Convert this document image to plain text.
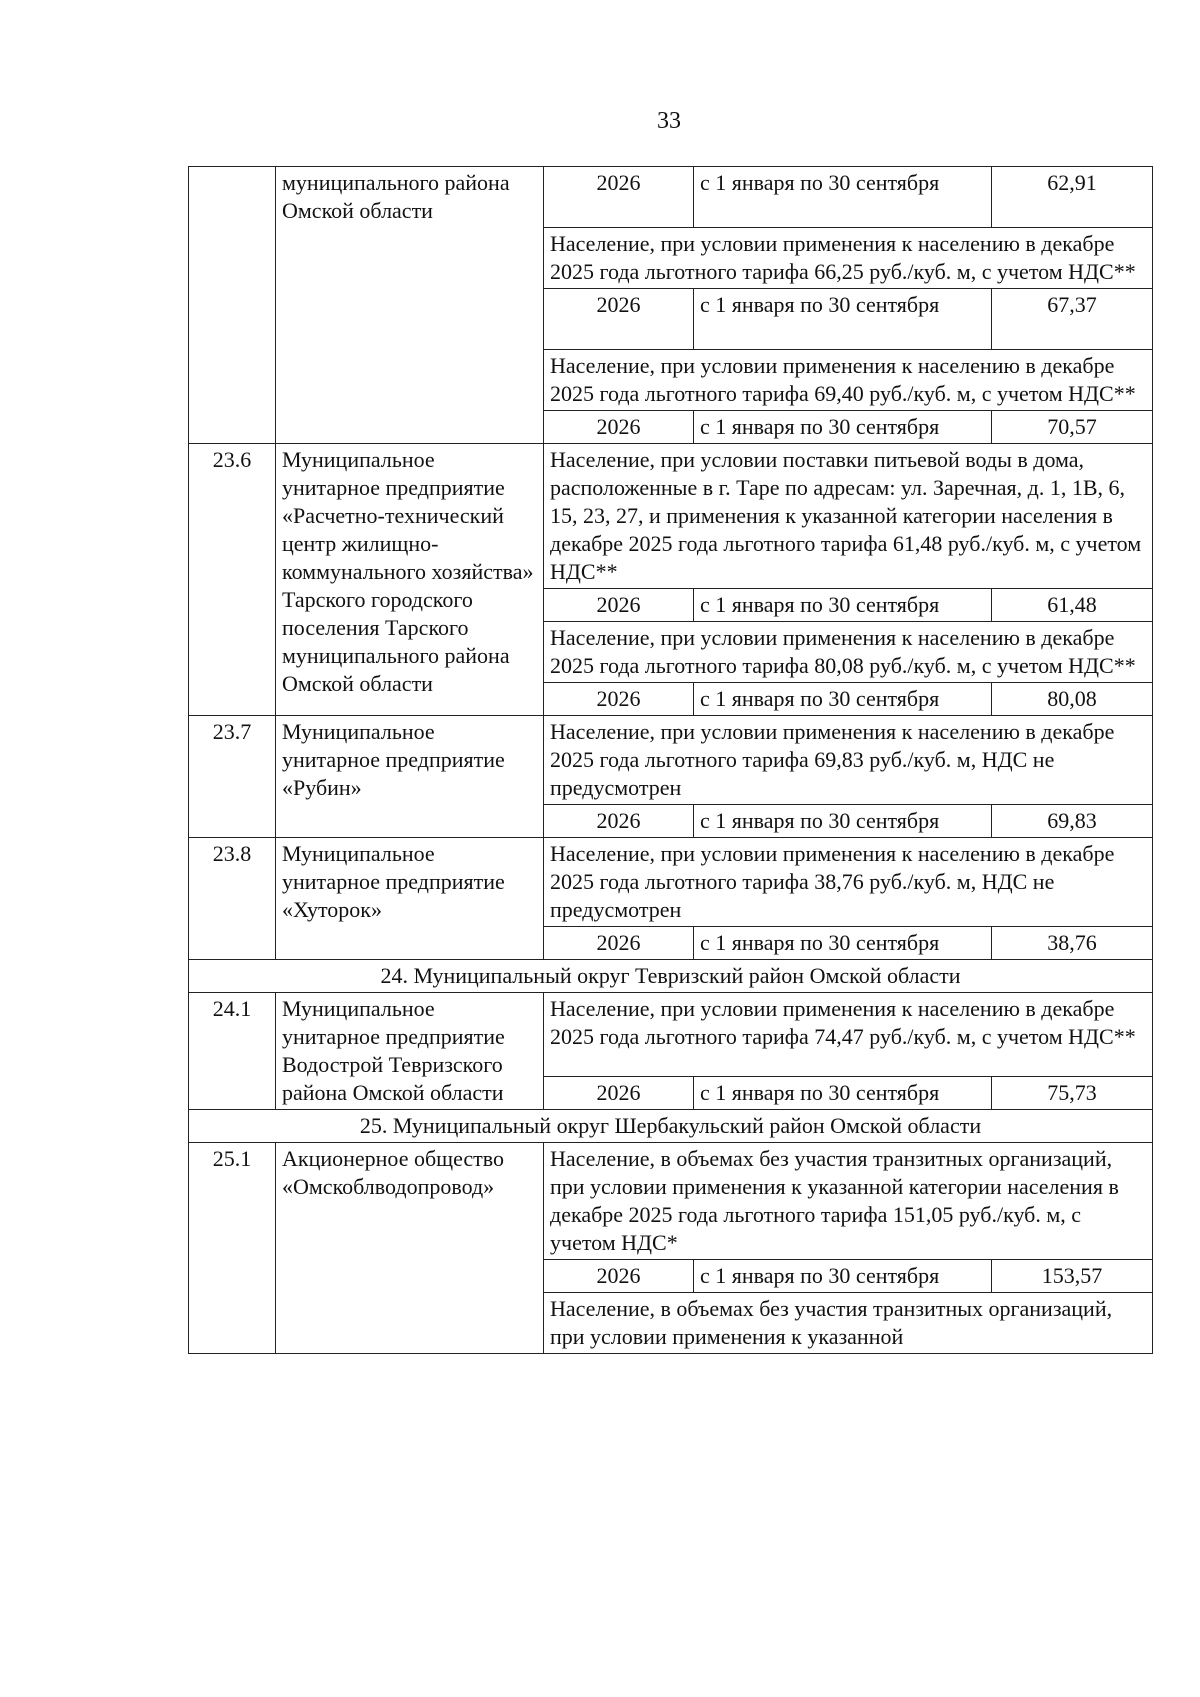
33
	муниципального района Омской области	2026	с 1 января по 30 сентября	62,91
		Население, при условии применения к населению в декабре 2025 года льготного тарифа 66,25 руб./куб. м, с учетом НДС**		
		2026	с 1 января по 30 сентября	67,37
		Население, при условии применения к населению в декабре 2025 года льготного тарифа 69,40 руб./куб. м, с учетом НДС**		
		2026	с 1 января по 30 сентября	70,57
23.6	Муниципальное унитарное предприятие «Расчетно-технический центр жилищно-коммунального хозяйства» Тарского городского поселения Тарского муниципального района Омской области	Население, при условии поставки питьевой воды в дома, расположенные в г. Таре по адресам: ул. Заречная, д. 1, 1В, 6, 15, 23, 27, и применения к указанной категории населения в декабре 2025 года льготного тарифа 61,48 руб./куб. м, с учетом НДС**		
		2026	с 1 января по 30 сентября	61,48
		Население, при условии применения к населению в декабре 2025 года льготного тарифа 80,08 руб./куб. м, с учетом НДС**		
		2026	с 1 января по 30 сентября	80,08
23.7	Муниципальное унитарное предприятие «Рубин»	Население, при условии применения к населению в декабре 2025 года льготного тарифа 69,83 руб./куб. м, НДС не предусмотрен		
		2026	с 1 января по 30 сентября	69,83
23.8	Муниципальное унитарное предприятие «Хуторок»	Население, при условии применения к населению в декабре 2025 года льготного тарифа 38,76 руб./куб. м, НДС не предусмотрен		
		2026	с 1 января по 30 сентября	38,76
24. Муниципальный округ Тевризский район Омской области				
24.1	Муниципальное унитарное предприятие Водострой Тевризского района Омской области	Население, при условии применения к населению в декабре 2025 года льготного тарифа 74,47 руб./куб. м, с учетом НДС**		
		2026	с 1 января по 30 сентября	75,73
25. Муниципальный округ Шербакульский район Омской области				
25.1	Акционерное общество «Омскоблводопровод»	Население, в объемах без участия транзитных организаций, при условии применения к указанной категории населения в декабре 2025 года льготного тарифа 151,05 руб./куб. м, с учетом НДС*		
		2026	с 1 января по 30 сентября	153,57
		Население, в объемах без участия транзитных организаций, при условии применения к указанной		
